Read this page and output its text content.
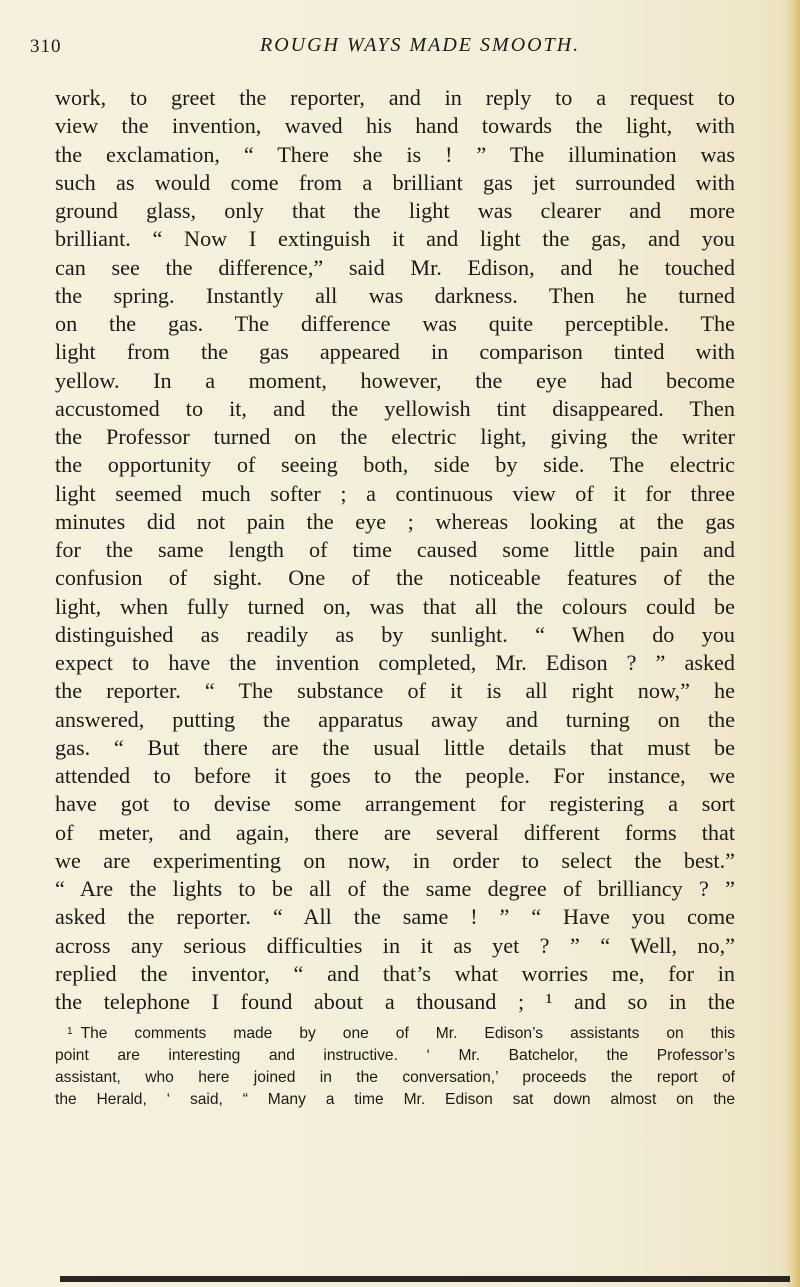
310	ROUGH WAYS MADE SMOOTH.
work, to greet the reporter, and in reply to a request to
view the invention, waved his hand towards the light, with
the exclamation, “ There she is ! ” The illumination was
such as would come from a brilliant gas jet surrounded with
ground glass, only that the light was clearer and more
brilliant. “ Now I extinguish it and light the gas, and you
can see the difference,” said Mr. Edison, and he touched
the spring. Instantly all was darkness. Then he turned
on the gas. The difference was quite perceptible. The
light from the gas appeared in comparison tinted with
yellow. In a moment, however, the eye had become
accustomed to it, and the yellowish tint disappeared. Then
the Professor turned on the electric light, giving the writer
the opportunity of seeing both, side by side. The electric
light seemed much softer ; a continuous view of it for three
minutes did not pain the eye ; whereas looking at the gas
for the same length of time caused some little pain and
confusion of sight. One of the noticeable features of the
light, when fully turned on, was that all the colours could be
distinguished as readily as by sunlight. “ When do you
expect to have the invention completed, Mr. Edison ? ” asked
the reporter. “ The substance of it is all right now,” he
answered, putting the apparatus away and turning on the
gas. “ But there are the usual little details that must be
attended to before it goes to the people. For instance, we
have got to devise some arrangement for registering a sort
of meter, and again, there are several different forms that
we are experimenting on now, in order to select the best.”
“ Are the lights to be all of the same degree of brilliancy ? ”
asked the reporter. “ All the same ! ” “ Have you come
across any serious difficulties in it as yet ? ” “ Well, no,”
replied the inventor, “ and that’s what worries me, for in
the telephone I found about a thousand ; ¹ and so in the
$^1$ The comments made by one of Mr. Edison’s assistants on this
point are interesting and instructive. ‘ Mr. Batchelor, the Professor’s
assistant, who here joined in the conversation,’ proceeds the report of
the Herald, ‘ said, “ Many a time Mr. Edison sat down almost on the
